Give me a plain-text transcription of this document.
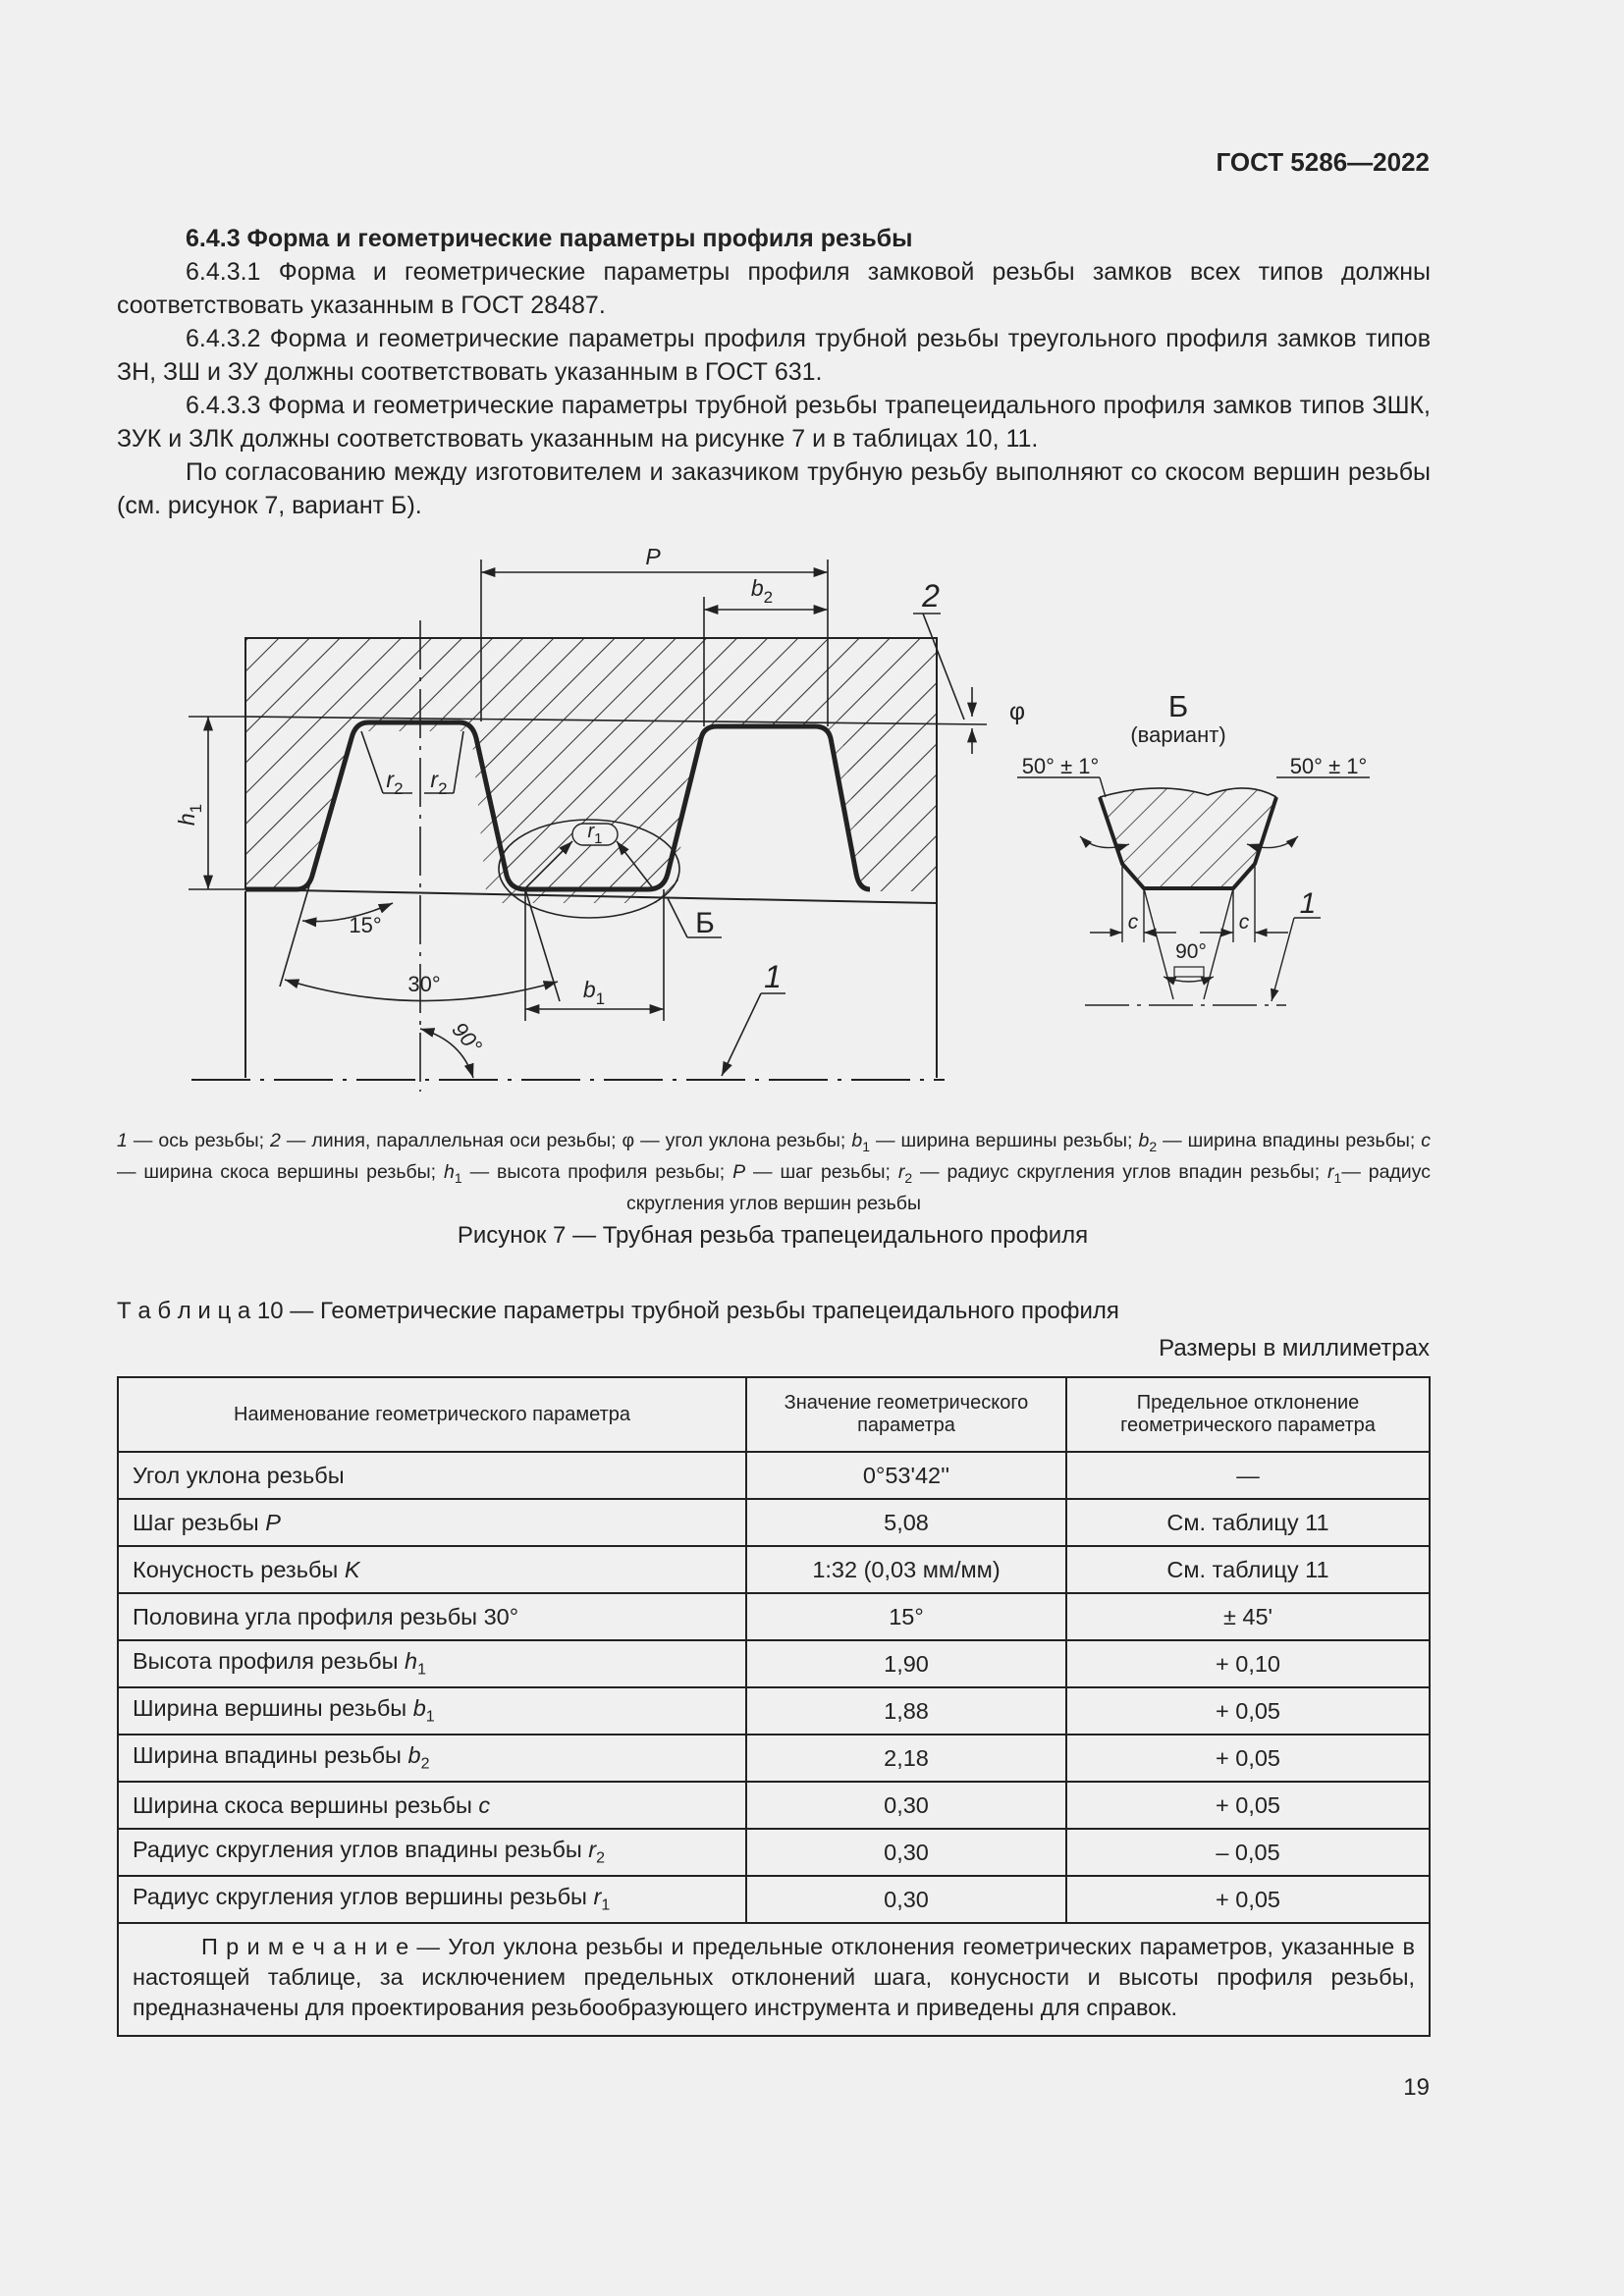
ГОСТ 5286—2022

6.4.3 Форма и геометрические параметры профиля резьбы

6.4.3.1 Форма и геометрические параметры профиля замковой резьбы замков всех типов должны соответствовать указанным в ГОСТ 28487.

6.4.3.2 Форма и геометрические параметры профиля трубной резьбы треугольного профиля замков типов ЗН, ЗШ и ЗУ должны соответствовать указанным в ГОСТ 631.

6.4.3.3 Форма и геометрические параметры трубной резьбы трапецеидального профиля замков типов ЗШК, ЗУК и ЗЛК должны соответствовать указанным на рисунке 7 и в таблицах 10, 11.

По согласованию между изготовителем и заказчиком трубную резьбу выполняют со скосом вершин резьбы (см. рисунок 7, вариант Б).

P
$b_2$
$h_1$
φ
2
$r_2$ $r_2$
$r_1$
Б
15°
30°	$b_1$
90°
1
Б
(вариант)
c	c
50° ± 1°	50° ± 1°
90°
1
1 — ось резьбы; 2 — линия, параллельная оси резьбы; φ — угол уклона резьбы; $b_1$ — ширина вершины резьбы; $b_2$ — ширина впадины резьбы; c — ширина скоса вершины резьбы; $h_1$ — высота профиля резьбы; P — шаг резьбы; $r_2$ — радиус скругления углов впадин резьбы; $r_1—$ радиус скругления углов вершин резьбы
Рисунок 7 — Трубная резьба трапецеидального профиля
Т а б л и ц а 10 — Геометрические параметры трубной резьбы трапецеидального профиля
Размеры в миллиметрах
Наименование геометрического параметра	Значение геометрического параметра	Предельное отклонение геометрического параметра
Угол уклона резьбы	0°53'42''	—
Шаг резьбы P	5,08	См. таблицу 11
Конусность резьбы K	1:32 (0,03 мм/мм)	См. таблицу 11
Половина угла профиля резьбы 30°	15°	± 45'
Высота профиля резьбы $h_1$	1,90	+ 0,10
Ширина вершины резьбы $b_1$	1,88	+ 0,05
Ширина впадины резьбы $b_2$	2,18	+ 0,05
Ширина скоса вершины резьбы c	0,30	+ 0,05
Радиус скругления углов впадины резьбы $r_2$	0,30	– 0,05
Радиус скругления углов вершины резьбы $r_1$	0,30	+ 0,05
П р и м е ч а н и е — Угол уклона резьбы и предельные отклонения геометрических параметров, указанные в настоящей таблице, за исключением предельных отклонений шага, конусности и высоты профиля резьбы, предназначены для проектирования резьбообразующего инструмента и приведены для справок.		
19
